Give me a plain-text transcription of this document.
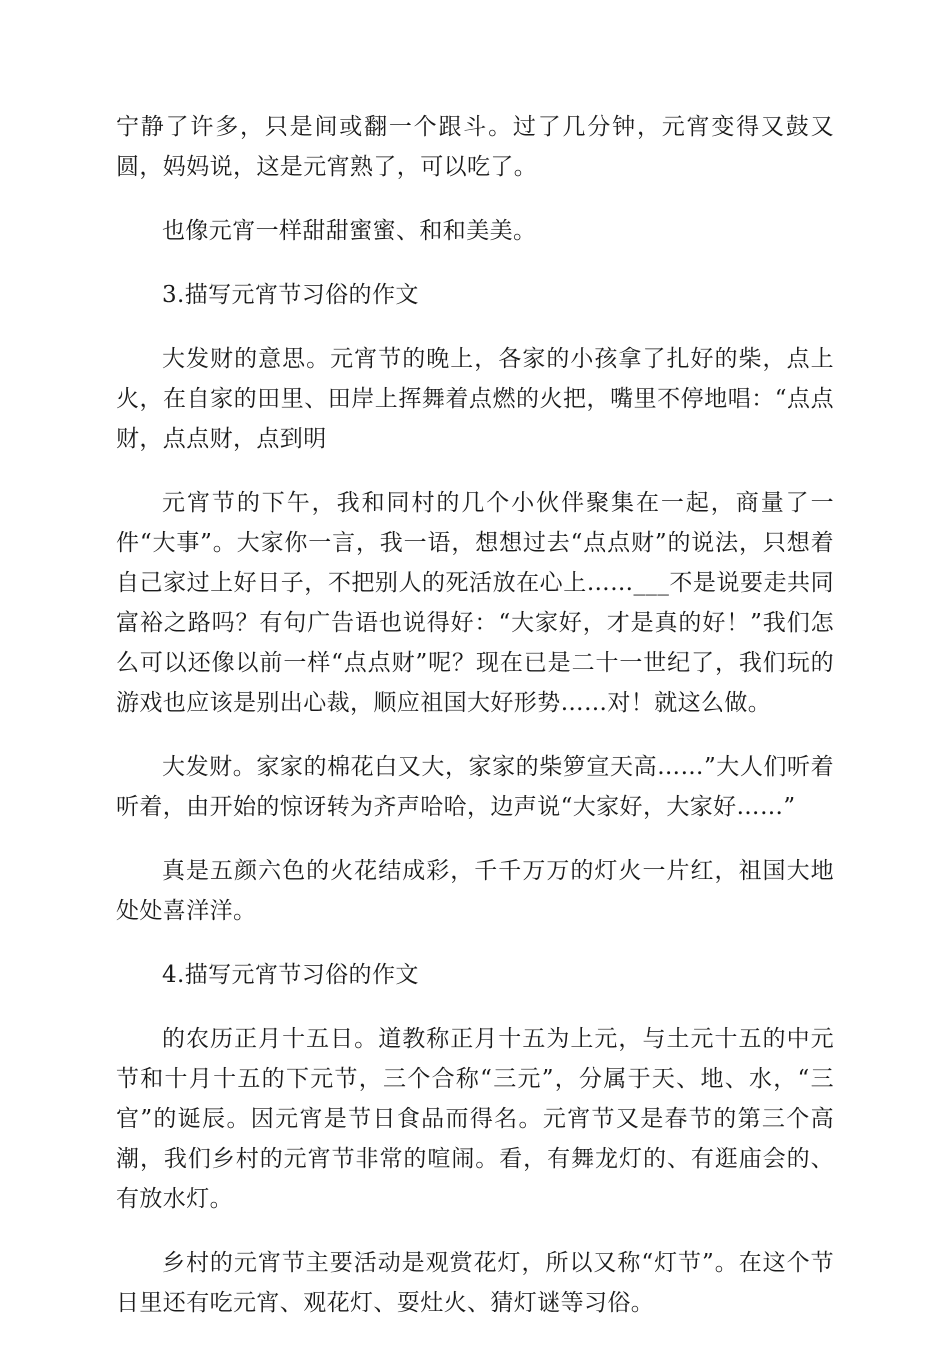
宁静了许多，只是间或翻一个跟斗。过了几分钟，元宵变得又鼓又圆，妈妈说，这是元宵熟了，可以吃了。

也像元宵一样甜甜蜜蜜、和和美美。

3.描写元宵节习俗的作文

大发财的意思。元宵节的晚上，各家的小孩拿了扎好的柴，点上火，在自家的田里、田岸上挥舞着点燃的火把，嘴里不停地唱：“点点财，点点财，点到明

元宵节的下午，我和同村的几个小伙伴聚集在一起，商量了一件“大事”。大家你一言，我一语，想想过去“点点财”的说法，只想着自己家过上好日子，不把别人的死活放在心上……___不是说要走共同富裕之路吗？有句广告语也说得好：“大家好，才是真的好！”我们怎么可以还像以前一样“点点财”呢？现在已是二十一世纪了，我们玩的游戏也应该是别出心裁，顺应祖国大好形势……对！就这么做。

大发财。家家的棉花白又大，家家的柴箩宣天高……”大人们听着听着，由开始的惊讶转为齐声哈哈，边声说“大家好，大家好……”

真是五颜六色的火花结成彩，千千万万的灯火一片红，祖国大地处处喜洋洋。

4.描写元宵节习俗的作文

的农历正月十五日。道教称正月十五为上元，与土元十五的中元节和十月十五的下元节，三个合称“三元”，分属于天、地、水，“三官”的诞辰。因元宵是节日食品而得名。元宵节又是春节的第三个高潮，我们乡村的元宵节非常的喧闹。看，有舞龙灯的、有逛庙会的、有放水灯。

乡村的元宵节主要活动是观赏花灯，所以又称“灯节”。在这个节日里还有吃元宵、观花灯、耍灶火、猜灯谜等习俗。
